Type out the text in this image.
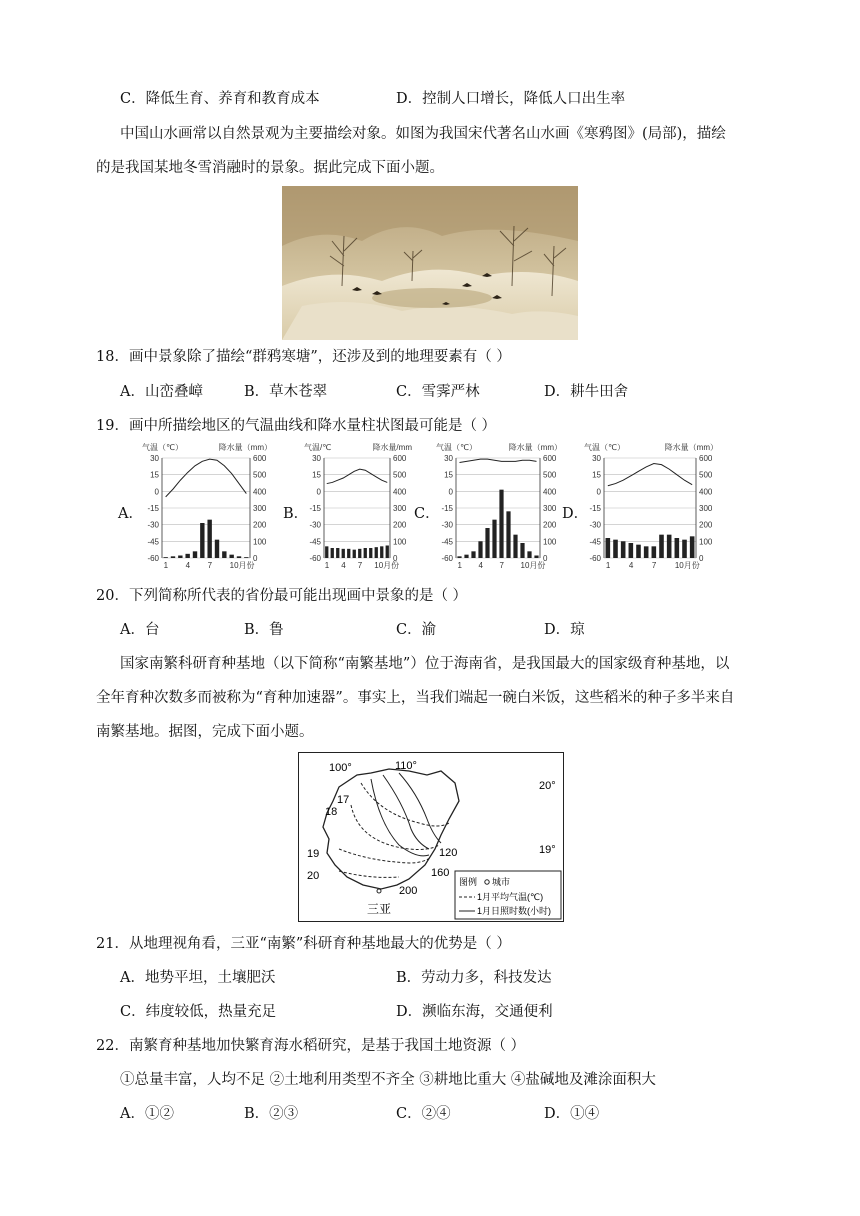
C．降低生育、养育和教育成本	D．控制人口增长，降低人口出生率
中国山水画常以自然景观为主要描绘对象。如图为我国宋代著名山水画《寒鸦图》(局部)，描绘
的是我国某地冬雪消融时的景象。据此完成下面小题。
18．画中景象除了描绘“群鸦寒塘”，还涉及到的地理要素有（ ）
A．山峦叠嶂	B．草木苍翠	C．雪霁严林	D．耕牛田舍
19．画中所描绘地区的气温曲线和降水量柱状图最可能是（ ）
A．	B．	C．	D．
气温（℃）	降水量（mm）
30	600
15	500
0	400
-15	300
-30	200
-45	100
-60	0
1 4 7 10月份
气温/℃	降水量/mm
30	600
15	500
0	400
-15	300
-30	200
-45	100
-60	0
1 4 7 10月份
气温（℃）	降水量（mm）
30	600
15	500
0	400
-15	300
-30	200
-45	100
-60	0
1 4 7 10月份
气温（℃）	降水量（mm）
30	600
15	500
0	400
-15	300
-30	200
-45	100
-60	0
1 4 7 10月份
20．下列简称所代表的省份最可能出现画中景象的是（ ）
A．台	B．鲁	C．渝	D．琼
国家南繁科研育种基地（以下简称“南繁基地”）位于海南省，是我国最大的国家级育种基地，以
全年育种次数多而被称为“育种加速器”。事实上，当我们端起一碗白米饭，这些稻米的种子多半来自
南繁基地。据图，完成下面小题。
100°	110°
20°
19°
17
18
19
20
120
160
200
三亚
图例 城市
1月平均气温(℃)
1月日照时数(小时)
21．从地理视角看，三亚“南繁”科研育种基地最大的优势是（ ）
A．地势平坦，土壤肥沃	B．劳动力多，科技发达
C．纬度较低，热量充足	D．濒临东海，交通便利
22．南繁育种基地加快繁育海水稻研究，是基于我国土地资源（ ）
①总量丰富，人均不足 ②土地利用类型不齐全 ③耕地比重大 ④盐碱地及滩涂面积大
A．①②	B．②③	C．②④	D．①④
